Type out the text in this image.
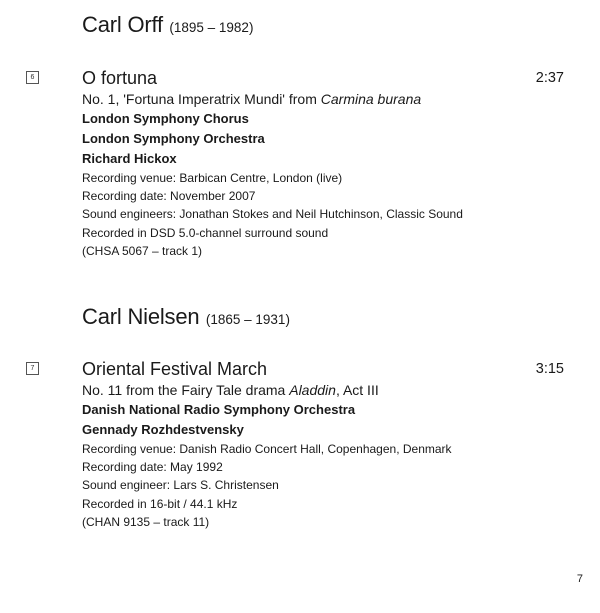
Carl Orff (1895 – 1982)
6	O fortuna	2:37
No. 1, 'Fortuna Imperatrix Mundi' from Carmina burana
London Symphony Chorus
London Symphony Orchestra
Richard Hickox
Recording venue: Barbican Centre, London (live)
Recording date: November 2007
Sound engineers: Jonathan Stokes and Neil Hutchinson, Classic Sound
Recorded in DSD 5.0-channel surround sound
(CHSA 5067 – track 1)
Carl Nielsen (1865 – 1931)
7	Oriental Festival March	3:15
No. 11 from the Fairy Tale drama Aladdin, Act III
Danish National Radio Symphony Orchestra
Gennady Rozhdestvensky
Recording venue: Danish Radio Concert Hall, Copenhagen, Denmark
Recording date: May 1992
Sound engineer: Lars S. Christensen
Recorded in 16-bit / 44.1 kHz
(CHAN 9135 – track 11)
7
